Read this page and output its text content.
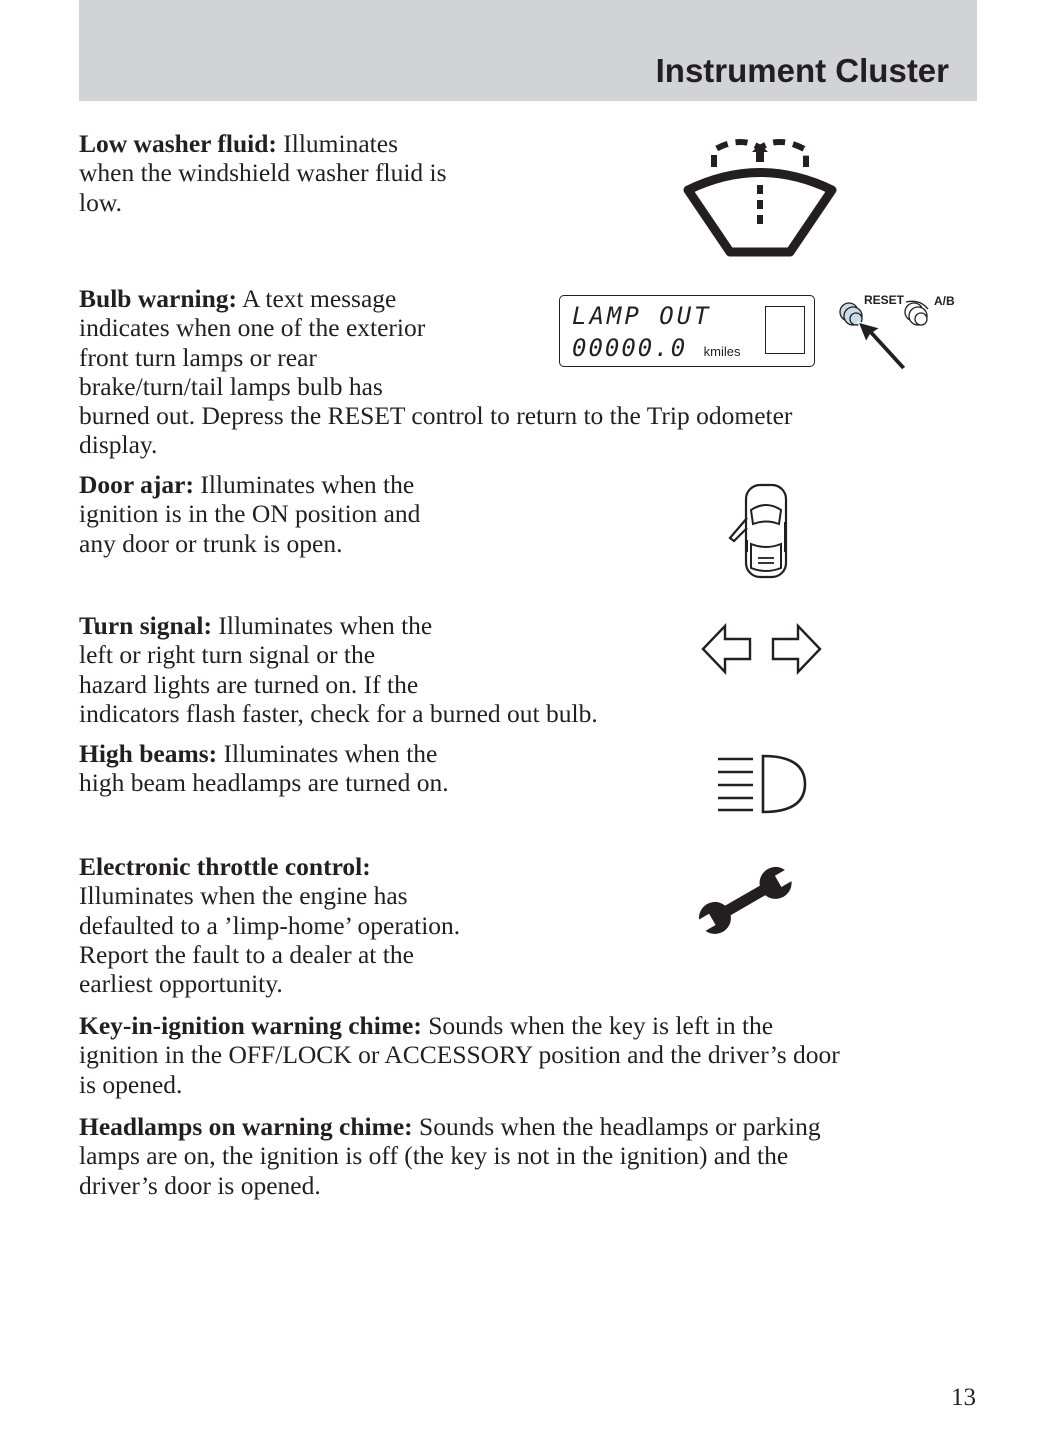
Instrument Cluster

Low washer fluid: Illuminates
when the windshield washer fluid is
low.

Bulb warning: A text message
indicates when one of the exterior
front turn lamps or rear
brake/turn/tail lamps bulb has
burned out. Depress the RESET control to return to the Trip odometer
display.

LAMP OUT
00000.0 kmiles
RESET A/B

Door ajar: Illuminates when the
ignition is in the ON position and
any door or trunk is open.

Turn signal: Illuminates when the
left or right turn signal or the
hazard lights are turned on. If the
indicators flash faster, check for a burned out bulb.

High beams: Illuminates when the
high beam headlamps are turned on.

Electronic throttle control:
Illuminates when the engine has
defaulted to a ’limp-home’ operation.
Report the fault to a dealer at the
earliest opportunity.

Key-in-ignition warning chime: Sounds when the key is left in the
ignition in the OFF/LOCK or ACCESSORY position and the driver’s door
is opened.

Headlamps on warning chime: Sounds when the headlamps or parking
lamps are on, the ignition is off (the key is not in the ignition) and the
driver’s door is opened.

13
